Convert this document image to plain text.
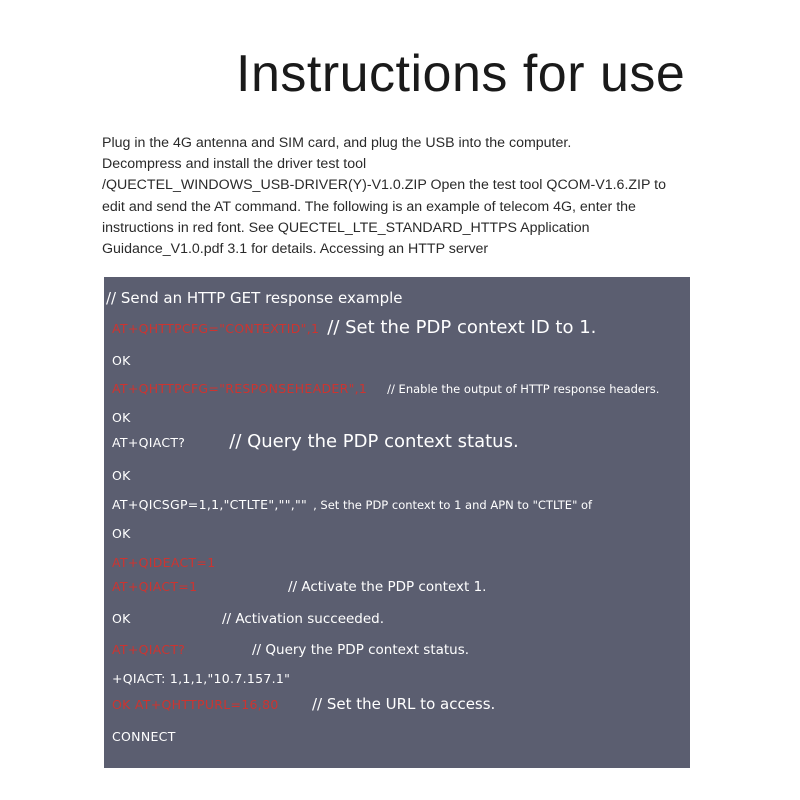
Instructions for use

Plug in the 4G antenna and SIM card, and plug the USB into the computer.

Decompress and install the driver test tool

/QUECTEL_WINDOWS_USB-DRIVER(Y)-V1.0.ZIP Open the test tool QCOM-V1.6.ZIP to

edit and send the AT command. The following is an example of telecom 4G, enter the

instructions in red font. See QUECTEL_LTE_STANDARD_HTTPS Application

Guidance_V1.0.pdf 3.1 for details. Accessing an HTTP server

// Send an HTTP GET response example
AT+QHTTPCFG="CONTEXTID",1 // Set the PDP context ID to 1.
OK
AT+QHTTPCFG="RESPONSEHEADER",1 // Enable the output of HTTP response headers.
OK
AT+QIACT? // Query the PDP context status.
OK
AT+QICSGP=1,1,"CTLTE","","" , Set the PDP context to 1 and APN to "CTLTE" of
OK
AT+QIDEACT=1
AT+QIACT=1	// Activate the PDP context 1.
OK	// Activation succeeded.
AT+QIACT?	// Query the PDP context status.
+QIACT: 1,1,1,"10.7.157.1"
OK AT+QHTTPURL=16,80	// Set the URL to access.
CONNECT
